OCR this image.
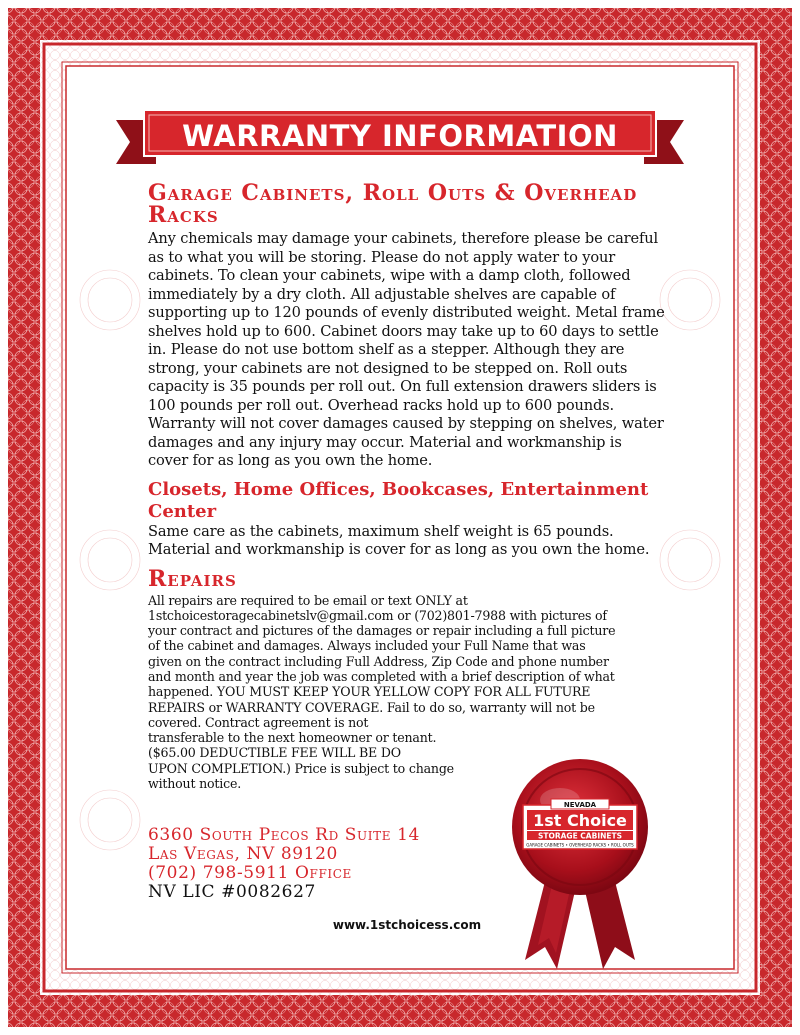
WARRANTY INFORMATION
Garage Cabinets, Roll Outs & Overhead Racks

Any chemicals may damage your cabinets, therefore please be careful as to what you will be storing. Please do not apply water to your cabinets. To clean your cabinets, wipe with a damp cloth, followed immediately by a dry cloth. All adjustable shelves are capable of supporting up to 120 pounds of evenly distributed weight. Metal frame shelves hold up to 600. Cabinet doors may take up to 60 days to settle in. Please do not use bottom shelf as a stepper. Although they are strong, your cabinets are not designed to be stepped on. Roll outs capacity is 35 pounds per roll out. On full extension drawers sliders is 100 pounds per roll out. Overhead racks hold up to 600 pounds. Warranty will not cover damages caused by stepping on shelves, water damages and any injury may occur. Material and workmanship is cover for as long as you own the home.

Closets, Home Offices, Bookcases, Entertainment Center

Same care as the cabinets, maximum shelf weight is 65 pounds. Material and workmanship is cover for as long as you own the home.

Repairs

All repairs are required to be email or text ONLY at

1stchoicestoragecabinetslv@gmail.com or (702)801-7988 with pictures of

your contract and pictures of the damages or repair including a full picture

of the cabinet and damages. Always included your Full Name that was

given on the contract including Full Address, Zip Code and phone number

and month and year the job was completed with a brief description of what

happened. YOU MUST KEEP YOUR YELLOW COPY FOR ALL FUTURE

REPAIRS or WARRANTY COVERAGE. Fail to do so, warranty will not be

covered. Contract agreement is not

transferable to the next homeowner or tenant.

($65.00 DEDUCTIBLE FEE WILL BE DO

UPON COMPLETION.) Price is subject to change

without notice.

6360 South Pecos Rd Suite 14

Las Vegas, NV 89120

(702) 798-5911 Office

NV LIC #0082627

www.1stchoicess.com
NEVADA
1st Choice
STORAGE CABINETS
GARAGE CABINETS • OVERHEAD RACKS • ROLL OUTS
